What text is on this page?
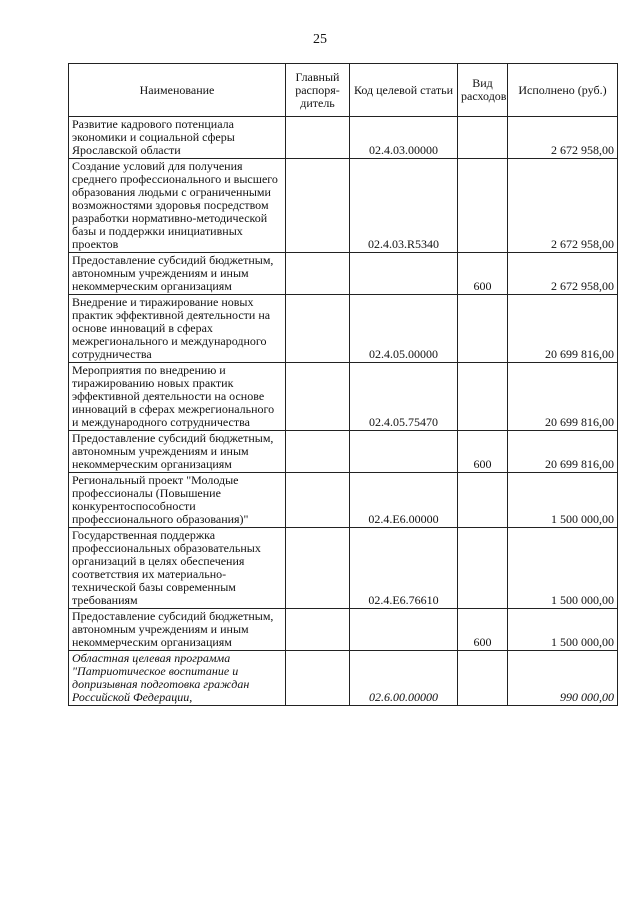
25
Наименование	Главный распоря-дитель	Код целевой статьи	Вид расходов	Исполнено (руб.)
Развитие кадрового потенциала экономики и социальной сферы Ярославской области		02.4.03.00000		2 672 958,00
Создание условий для получения среднего профессионального и высшего образования людьми с ограниченными возможностями здоровья посредством разработки нормативно-методической базы и поддержки инициативных проектов		02.4.03.R5340		2 672 958,00
Предоставление субсидий бюджетным, автономным учреждениям и иным некоммерческим организациям			600	2 672 958,00
Внедрение и тиражирование новых практик эффективной деятельности на основе инноваций в сферах межрегионального и международного сотрудничества		02.4.05.00000		20 699 816,00
Мероприятия по внедрению и тиражированию новых практик эффективной деятельности на основе инноваций в сферах межрегионального и международного сотрудничества		02.4.05.75470		20 699 816,00
Предоставление субсидий бюджетным, автономным учреждениям и иным некоммерческим организациям			600	20 699 816,00
Региональный проект "Молодые профессионалы (Повышение конкурентоспособности профессионального образования)"		02.4.E6.00000		1 500 000,00
Государственная поддержка профессиональных образовательных организаций в целях обеспечения соответствия их материально-технической базы современным требованиям		02.4.E6.76610		1 500 000,00
Предоставление субсидий бюджетным, автономным учреждениям и иным некоммерческим организациям			600	1 500 000,00
Областная целевая программа "Патриотическое воспитание и допризывная подготовка граждан Российской Федерации,		02.6.00.00000		990 000,00
